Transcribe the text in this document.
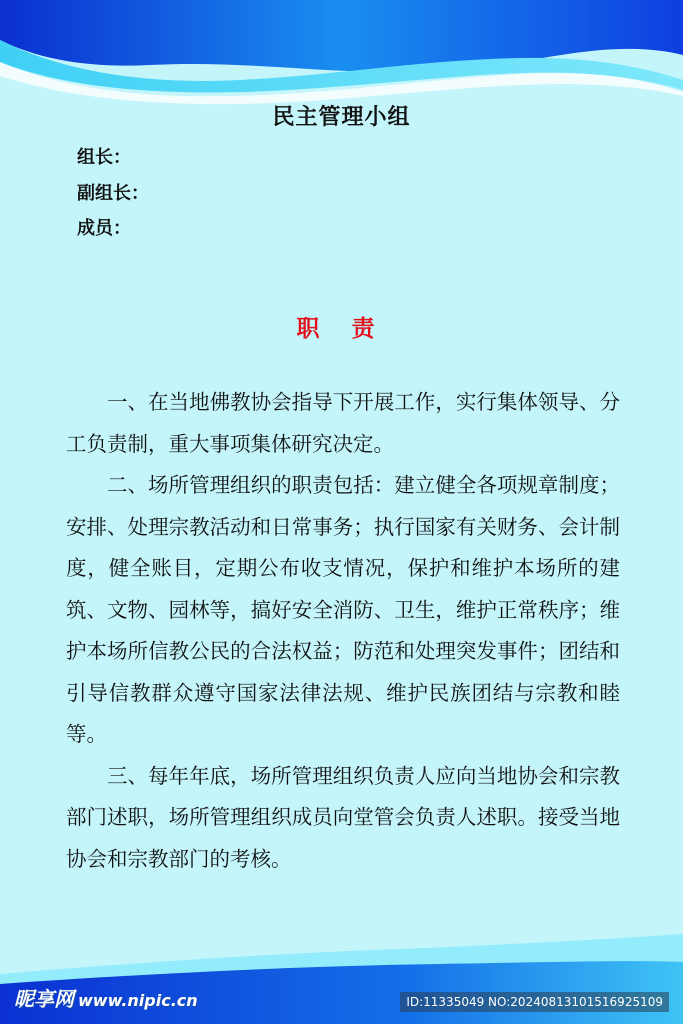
民主管理小组
组长：
副组长：
成员：
职 责

一、在当地佛教协会指导下开展工作，实行集体领导、分工负责制，重大事项集体研究决定。

二、场所管理组织的职责包括：建立健全各项规章制度；安排、处理宗教活动和日常事务；执行国家有关财务、会计制度，健全账目，定期公布收支情况，保护和维护本场所的建筑、文物、园林等，搞好安全消防、卫生，维护正常秩序；维护本场所信教公民的合法权益；防范和处理突发事件；团结和引导信教群众遵守国家法律法规、维护民族团结与宗教和睦等。

三、每年年底，场所管理组织负责人应向当地协会和宗教部门述职，场所管理组织成员向堂管会负责人述职。接受当地协会和宗教部门的考核。

昵享网 www.nipic.cn	ID:11335049 NO:20240813101516925109
